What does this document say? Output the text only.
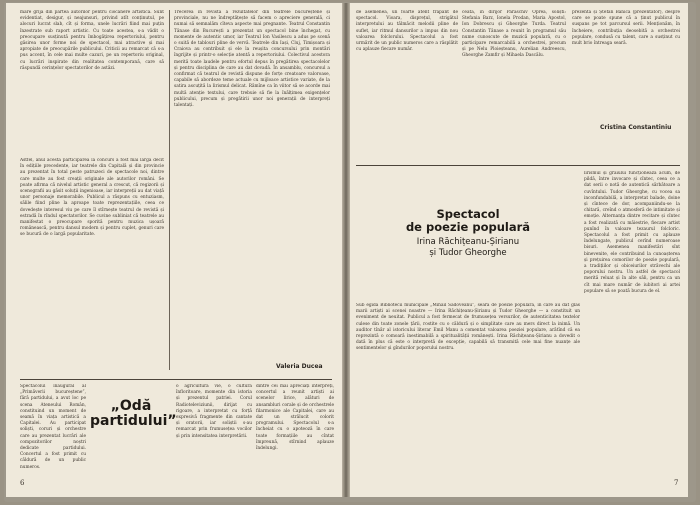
mare grijă din partea autorilor pentru ciocănere artistică. Sunt evidentiat, desigur, și neajunsuri, privind atît conținutul, pe alocuri lucrat slab, cît și forma, unele lucrări fiind mai puțin înzestrate sub raport artistic. Cu toate acestea, s-a vădit o preocupare susținută pentru îmbogățirea repertoriului, pentru găsirea unor forme noi de spectacol, mai atractive și mai apropiate de preocupările publicului. Criticii au remarcat că s-a pus accent, în cele mai multe cazuri, pe un repertoriu original, cu lucrări inspirate din realitatea contemporană, care să răspundă cerințelor spectatorilor de astăzi.
Astfel, anul acesta participarea la concurs a fost mai largă decît în edițiile precedente, iar teatrele din Capitală și din provincie au prezentat în total peste patruzeci de spectacole noi, dintre care multe au fost creații originale ale autorilor români. Se poate afirma că nivelul artistic general a crescut, că regizorii și scenografii au găsit soluții ingenioase, iar interpreții au dat viață unor personaje memorabile. Publicul a răspuns cu entuziasm, sălile fiind pline la aproape toate reprezentațiile, ceea ce dovedește interesul viu pe care îl stîrnește teatrul de revistă și estradă în rîndul spectatorilor. Se cuvine subliniat că teatrele au manifestat o preocupare sporită pentru muzica ușoară românească, pentru dansul modern și pentru cuplet, genuri care se bucură de o largă popularitate.
Trecerea în revistă a rezultatelor din teatrele bucureștene și provinciale, nu ne îndreptățește să facem o apreciere generală, ci numai să semnalăm cîteva aspecte mai pregnante. Teatrul Constantin Tănase din București a prezentat un spectacol bine închegat, cu momente de autentic umor, iar Teatrul Ion Vasilescu a adus pe scenă o suită de tablouri pline de vervă. Teatrele din Iași, Cluj, Timișoara și Craiova au contribuit și ele la reușita concursului prin montări îngrijite și printr-o selecție atentă a repertoriului. Colectivul acestora merită toate laudele pentru efortul depus în pregătirea spectacolelor și pentru disciplina de care au dat dovadă. În ansamblu, concursul a confirmat că teatrul de revistă dispune de forțe creatoare valoroase, capabile să abordeze teme actuale cu mijloace artistice variate, de la satira ascuțită la lirismul delicat. Rămîne ca în viitor să se acorde mai multă atenție textului, care trebuie să fie la înălțimea exigențelor publicului, precum și pregătirii unor noi generații de interpreți talentați.
Valeria Ducea
Spectacolul inaugural al „Primăverii bucureștene”, fără partidului, a avut loc pe scena Ateneului Român, constituind un moment de seamă în viața artistică a Capitalei. Au participat soliști, coruri și orchestre care au prezentat lucrări ale compozitorilor noștri dedicate partidului. Concertul a fost primit cu căldură de un public numeros.
„Odă
partidului”
o agricultură vie, o cultură înfloritoare, momente din istoria și prezentul patriei. Corul Radioteleviziunii, dirijat cu rigoare, a interpretat cu forță expresivă fragmente din cantate și oratorii, iar soliștii s-au remarcat prin frumusețea vocilor și prin intensitatea interpretării.
dintre cei mai apreciați interpreți, concertul a reunit artiști ai scenelor lirice, alături de ansambluri corale și de orchestrele filarmonice ale Capitalei, care au dat un strălucit colorit programului. Spectacolul s-a încheiat cu o apoteoză în care toate formațiile au cîntat împreună, stîrnind aplauze îndelungi.
6
de asemenea, un foarte atent frapant de spectacol. Vioara, disprețul, strigătul interpretului au tălmăcit melodii pline de suflet, iar ritmul dansurilor a impus din nou valoarea folclorului. Spectacolul a fost urmărit de un public numeros care a răsplătit cu aplauze fiecare număr.
ceata, în dirijor Paraschiv Oprea, soliști: Stefania Barz, Ionela Prodan, Maria Apostol, Ion Dobrescu și Gheorghe Turda. Teatrul Constantin Tănase a reunit în programul său nume cunoscute de muzică populară, cu o participare remarcabilă a orchestrei, precum și pe Nelu Ploieșteanu, Aurelian Andreescu, Gheorghe Zamfir și Mihaela Dascălu.
prezentă și Ștefan Bănică (prezentator), despre care se poate spune că a ținut publicul în suspans pe tot parcursul serii. Menționăm, în încheiere, contribuția deosebită a orchestrei populare, condusă cu talent, care a susținut cu mult brio întreaga seară.
Cristina Constantiniu
Spectacol
de poezie populară
Irina Răchițeanu-Șirianu
și Tudor Gheorghe
Sub egida Bibliotecii municipale „Mihail Sadoveanu”, seara de poezie populară, în care au dat glas marii artiști ai scenei noastre — Irina Răchițeanu-Șirianu și Tudor Gheorghe — a constituit un eveniment de neuitat. Publicul a fost fermecat de frumusețea versurilor, de autenticitatea textelor culese din toate zonele țării, rostite cu o căldură și o simplitate care au mers direct la inimă. Un auditor tînăr al istoricului literar Emil Manu a comentat valoarea poeziei populare, arătînd că ea reprezintă o comoară inestimabilă a spiritualității românești. Irina Răchițeanu-Șirianu a dovedit o dată în plus că este o interpretă de excepție, capabilă să transmită cele mai fine nuanțe ale sentimentelor și gîndurilor poporului nostru.
lirismul și graiului funcționează acum, de pildă, între invocare și cîntec, ceea ce a dat serii o notă de autentică sărbătoare a cuvîntului. Tudor Gheorghe, cu vocea sa inconfundabilă, a interpretat balade, doine și cîntece de dor, acompaniindu-se la chitară, creînd o atmosferă de intimitate și emoție. Alternanța dintre recitare și cîntec a fost realizată cu măiestrie, fiecare artist punînd în valoare tezaurul folcloric. Spectacolul a fost primit cu aplauze îndelungate, publicul cerînd numeroase bisuri. Asemenea manifestări sînt binevenite, ele contribuind la cunoașterea și prețuirea comorilor de poezie populară, a tradițiilor și obiceiurilor străvechi ale poporului nostru. Un astfel de spectacol merită reluat și în alte săli, pentru ca un cît mai mare număr de iubitori ai artei populare să se poată bucura de el.
7
